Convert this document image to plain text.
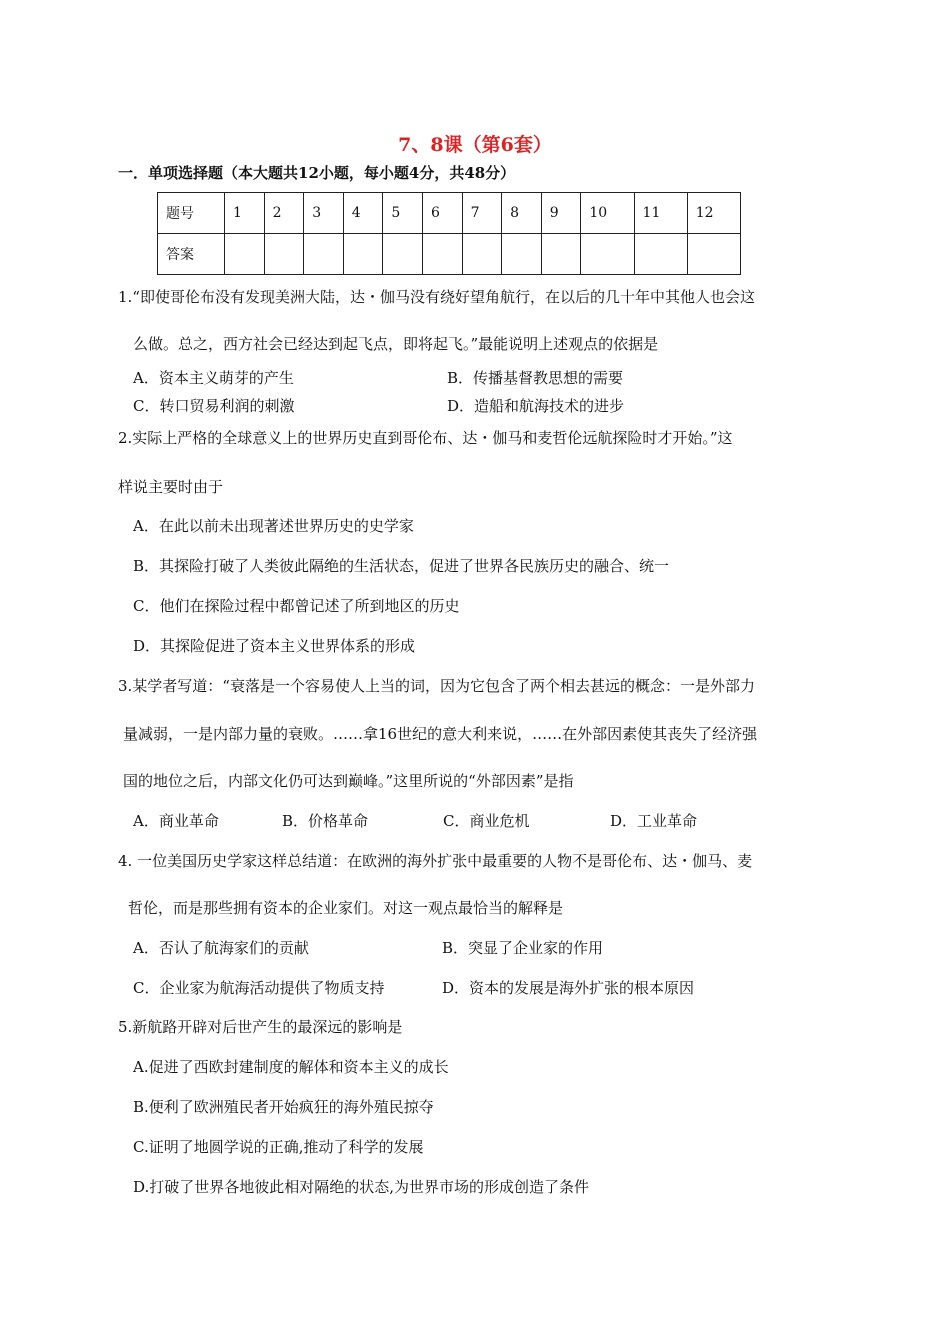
7、8课（第6套）
一．单项选择题（本大题共12小题，每小题4分，共48分）
题号	1	2	3	4	5	6	7	8	9	10	11	12
答案												
1.“即使哥伦布没有发现美洲大陆，达・伽马没有绕好望角航行，在以后的几十年中其他人也会这
么做。总之，西方社会已经达到起飞点，即将起飞。”最能说明上述观点的依据是
A．资本主义萌芽的产生	B．传播基督教思想的需要
C．转口贸易利润的刺激	D．造船和航海技术的进步
2.实际上严格的全球意义上的世界历史直到哥伦布、达・伽马和麦哲伦远航探险时才开始。”这
样说主要时由于
A．在此以前未出现著述世界历史的史学家
B．其探险打破了人类彼此隔绝的生活状态，促进了世界各民族历史的融合、统一
C．他们在探险过程中都曾记述了所到地区的历史
D．其探险促进了资本主义世界体系的形成
3.某学者写道：“衰落是一个容易使人上当的词，因为它包含了两个相去甚远的概念：一是外部力
量减弱，一是内部力量的衰败。……拿16世纪的意大利来说，……在外部因素使其丧失了经济强
国的地位之后，内部文化仍可达到巅峰。”这里所说的“外部因素”是指
A．商业革命	B．价格革命	C．商业危机	D．工业革命
4. 一位美国历史学家这样总结道：在欧洲的海外扩张中最重要的人物不是哥伦布、达・伽马、麦
哲伦，而是那些拥有资本的企业家们。对这一观点最恰当的解释是
A．否认了航海家们的贡献	B．突显了企业家的作用
C．企业家为航海活动提供了物质支持	D．资本的发展是海外扩张的根本原因
5.新航路开辟对后世产生的最深远的影响是
A.促进了西欧封建制度的解体和资本主义的成长
B.便利了欧洲殖民者开始疯狂的海外殖民掠夺
C.证明了地圆学说的正确,推动了科学的发展
D.打破了世界各地彼此相对隔绝的状态,为世界市场的形成创造了条件
